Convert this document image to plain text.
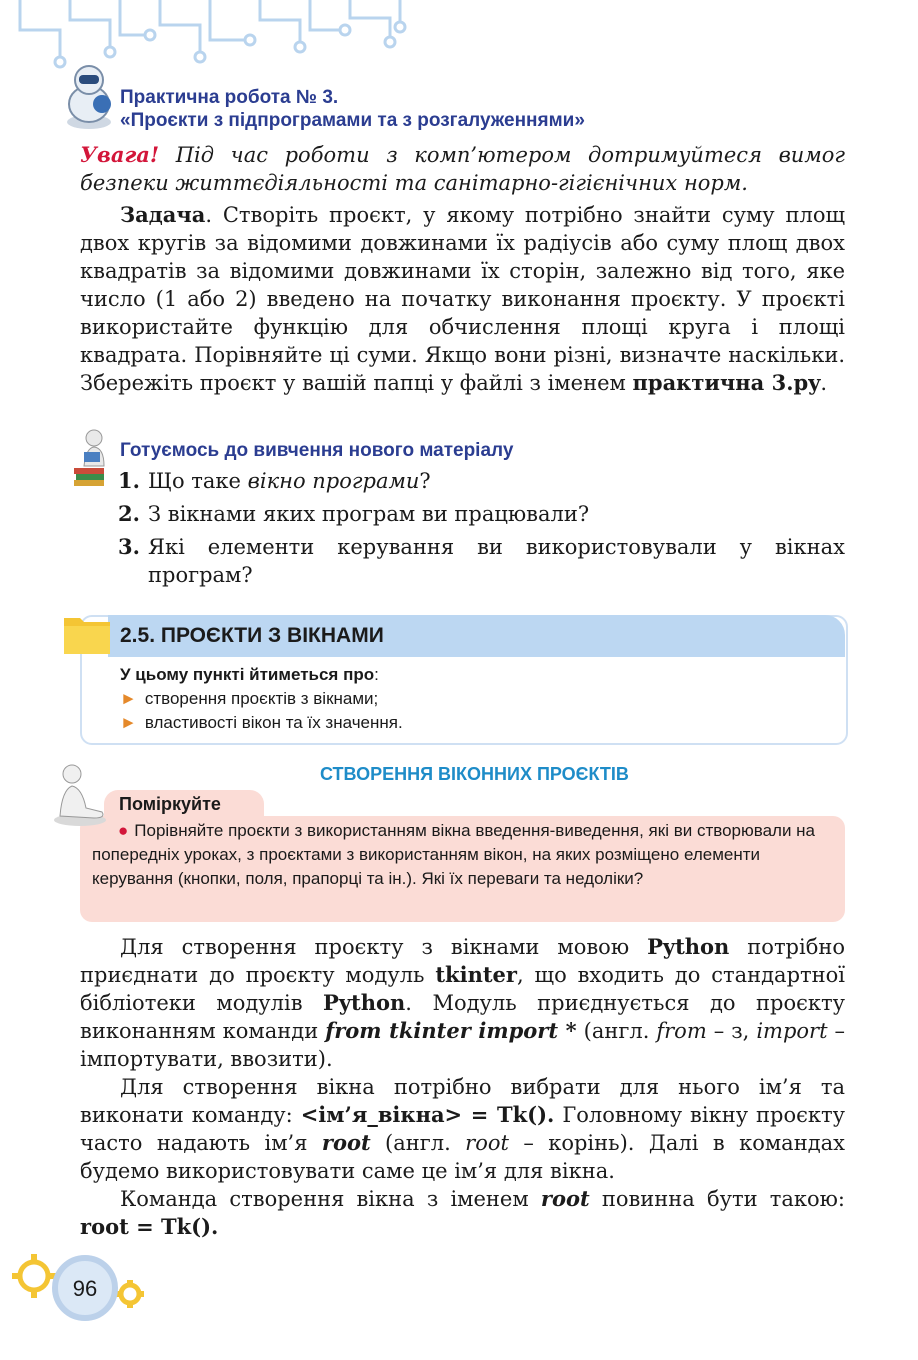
Практична робота № 3.
«Проєкти з підпрограмами та з розгалуженнями»
Увага! Під час роботи з комп’ютером дотримуйтеся вимог безпеки життєдіяльності та санітарно-гігієнічних норм.
Задача. Створіть проєкт, у якому потрібно знайти суму площ двох кругів за відомими довжинами їх радіусів або суму площ двох квадратів за відомими довжинами їх сторін, залежно від того, яке число (1 або 2) введено на початку виконання проєкту. У проєкті використайте функцію для обчислення площі круга і площі квадрата. Порівняйте ці суми. Якщо вони різні, визначте наскільки. Збережіть проєкт у вашій папці у файлі з іменем практична 3.py.
Готуємось до вивчення нового матеріалу
1. Що таке вікно програми?
2. З вікнами яких програм ви працювали?
3. Які елементи керування ви використовували у вікнах програм?
2.5. ПРОЄКТИ З ВІКНАМИ
У цьому пункті йтиметься про:
► створення проєктів з вікнами;
► властивості вікон та їх значення.
СТВОРЕННЯ ВІКОННИХ ПРОЄКТІВ
Поміркуйте
● Порівняйте проєкти з використанням вікна введення-виведення, які ви створювали на попередніх уроках, з проєктами з використанням вікон, на яких розміщено елементи керування (кнопки, поля, прапорці та ін.). Які їх переваги та недоліки?
Для створення проєкту з вікнами мовою Python потрібно приєднати до проєкту модуль tkinter, що входить до стандартної бібліотеки модулів Python. Модуль приєднується до проєкту виконанням команди from tkinter import * (англ. from – з, import – імпортувати, ввозити).
Для створення вікна потрібно вибрати для нього ім’я та виконати команду: <ім’я_вікна> = Tk(). Головному вікну проєкту часто надають ім’я root (англ. root – корінь). Далі в командах будемо використовувати саме це ім’я для вікна.
Команда створення вікна з іменем root повинна бути такою: root = Tk().
96
